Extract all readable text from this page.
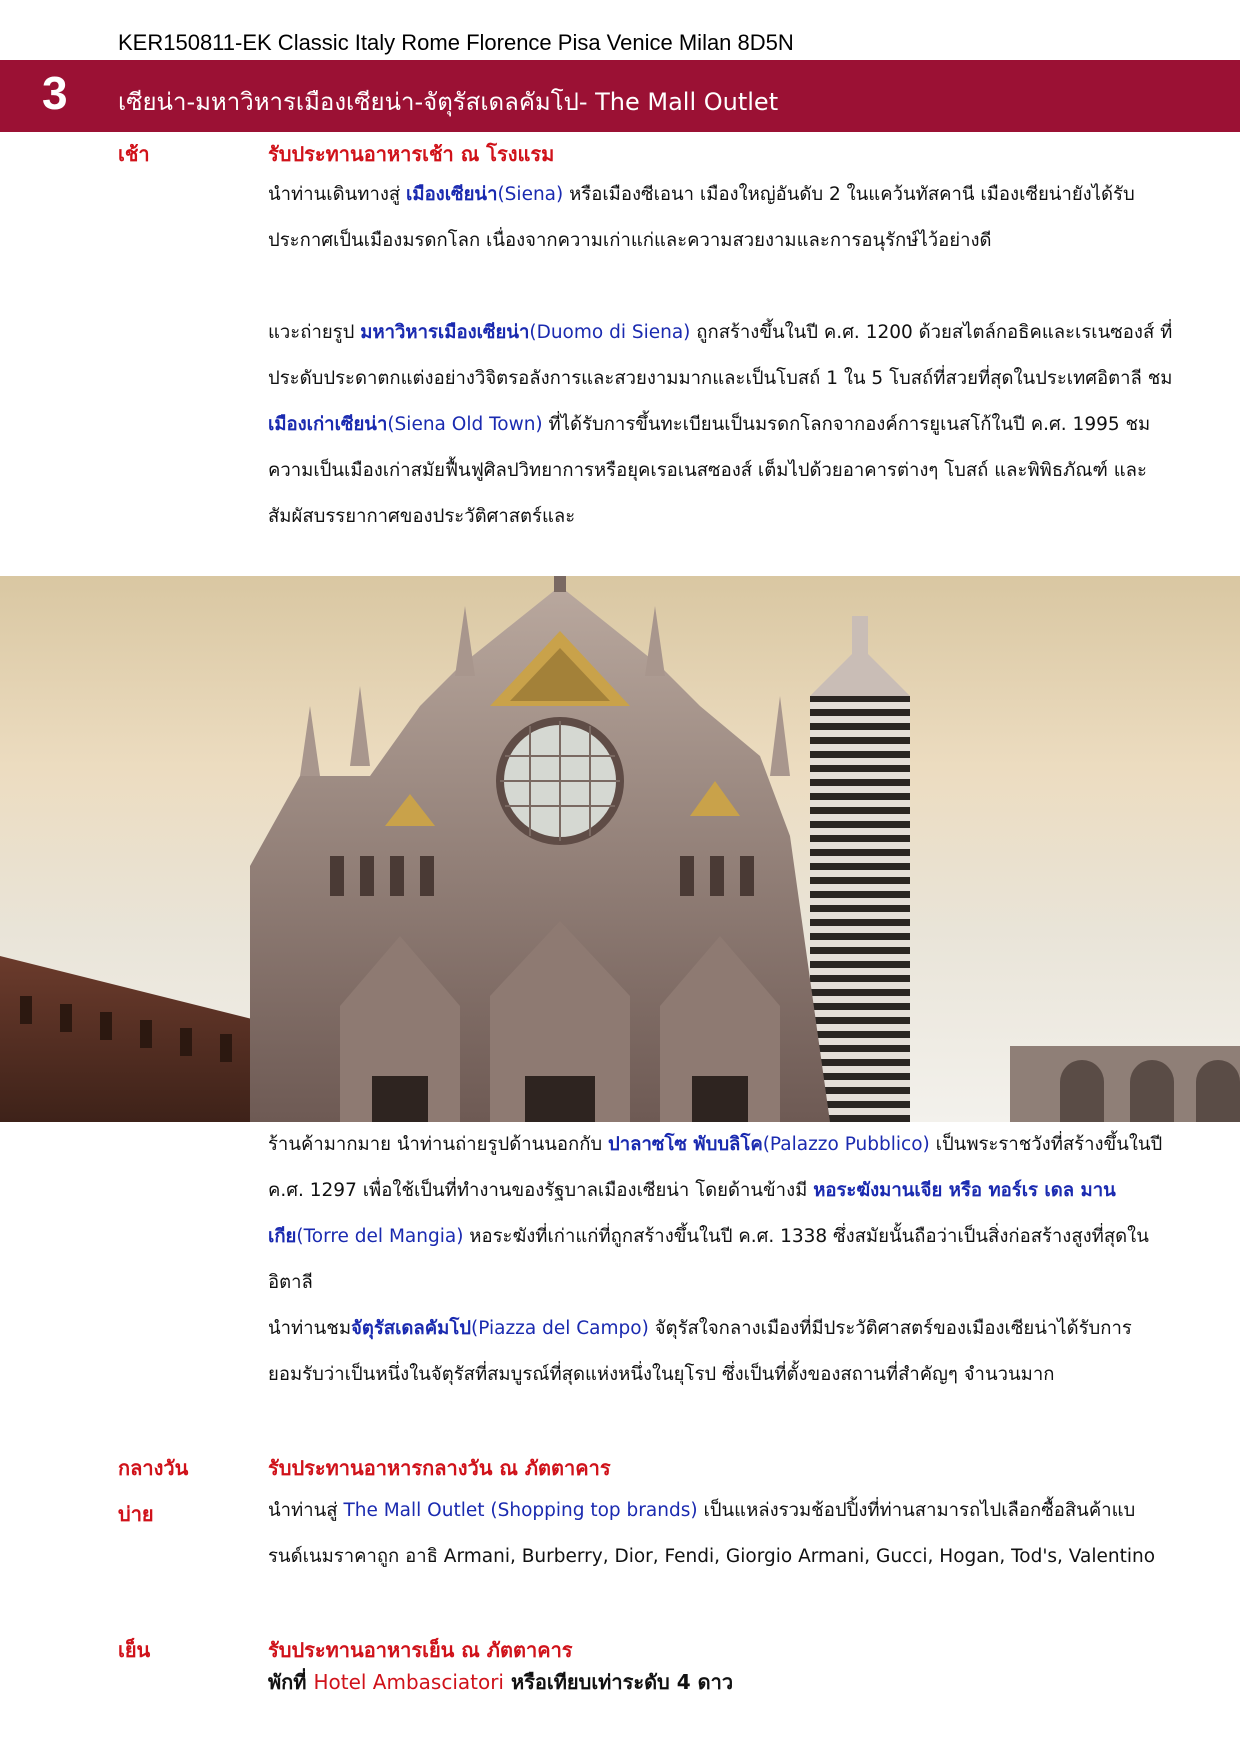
KER150811-EK Classic Italy Rome Florence Pisa Venice Milan 8D5N
3 เซียน่า-มหาวิหารเมืองเซียน่า-จัตุรัสเดลคัมโป- The Mall Outlet
เช้า	รับประทานอาหารเช้า ณ โรงแรม

นำท่านเดินทางสู่ เมืองเซียน่า(Siena) หรือเมืองซีเอนา เมืองใหญ่อันดับ 2 ในแคว้นทัสคานี เมืองเซียน่ายังได้รับประกาศเป็นเมืองมรดกโลก เนื่องจากความเก่าแก่และความสวยงามและการอนุรักษ์ไว้อย่างดี

แวะถ่ายรูป มหาวิหารเมืองเซียน่า(Duomo di Siena) ถูกสร้างขึ้นในปี ค.ศ. 1200 ด้วยสไตล์กอธิคและเรเนซองส์ ที่ประดับประดาตกแต่งอย่างวิจิตรอลังการและสวยงามมากและเป็นโบสถ์ 1 ใน 5 โบสถ์ที่สวยที่สุดในประเทศอิตาลี ชมเมืองเก่าเซียน่า(Siena Old Town) ที่ได้รับการขึ้นทะเบียนเป็นมรดกโลกจากองค์การยูเนสโก้ในปี ค.ศ. 1995 ชมความเป็นเมืองเก่าสมัยฟื้นฟูศิลปวิทยาการหรือยุคเรอเนสซองส์ เต็มไปด้วยอาคารต่างๆ โบสถ์ และพิพิธภัณฑ์ และสัมผัสบรรยากาศของประวัติศาสตร์และ

ร้านค้ามากมาย นำท่านถ่ายรูปด้านนอกกับ ปาลาซโซ พับบลิโค(Palazzo Pubblico) เป็นพระราชวังที่สร้างขึ้นในปี ค.ศ. 1297 เพื่อใช้เป็นที่ทำงานของรัฐบาลเมืองเซียน่า โดยด้านข้างมี หอระฆังมานเจีย หรือ ทอร์เร เดล มานเกีย(Torre del Mangia) หอระฆังที่เก่าแก่ที่ถูกสร้างขึ้นในปี ค.ศ. 1338 ซึ่งสมัยนั้นถือว่าเป็นสิ่งก่อสร้างสูงที่สุดในอิตาลี

นำท่านชมจัตุรัสเดลคัมโป(Piazza del Campo) จัตุรัสใจกลางเมืองที่มีประวัติศาสตร์ของเมืองเซียน่าได้รับการยอมรับว่าเป็นหนึ่งในจัตุรัสที่สมบูรณ์ที่สุดแห่งหนึ่งในยุโรป ซึ่งเป็นที่ตั้งของสถานที่สำคัญๆ จำนวนมาก

กลางวัน	รับประทานอาหารกลางวัน ณ ภัตตาคาร
บ่าย	นำท่านสู่ The Mall Outlet (Shopping top brands) เป็นแหล่งรวมช้อปปิ้งที่ท่านสามารถไปเลือกซื้อสินค้าแบรนด์เนมราคาถูก อาธิ Armani, Burberry, Dior, Fendi, Giorgio Armani, Gucci, Hogan, Tod's, Valentino

เย็น	รับประทานอาหารเย็น ณ ภัตตาคาร
พักที่ Hotel Ambasciatori หรือเทียบเท่าระดับ 4 ดาว
